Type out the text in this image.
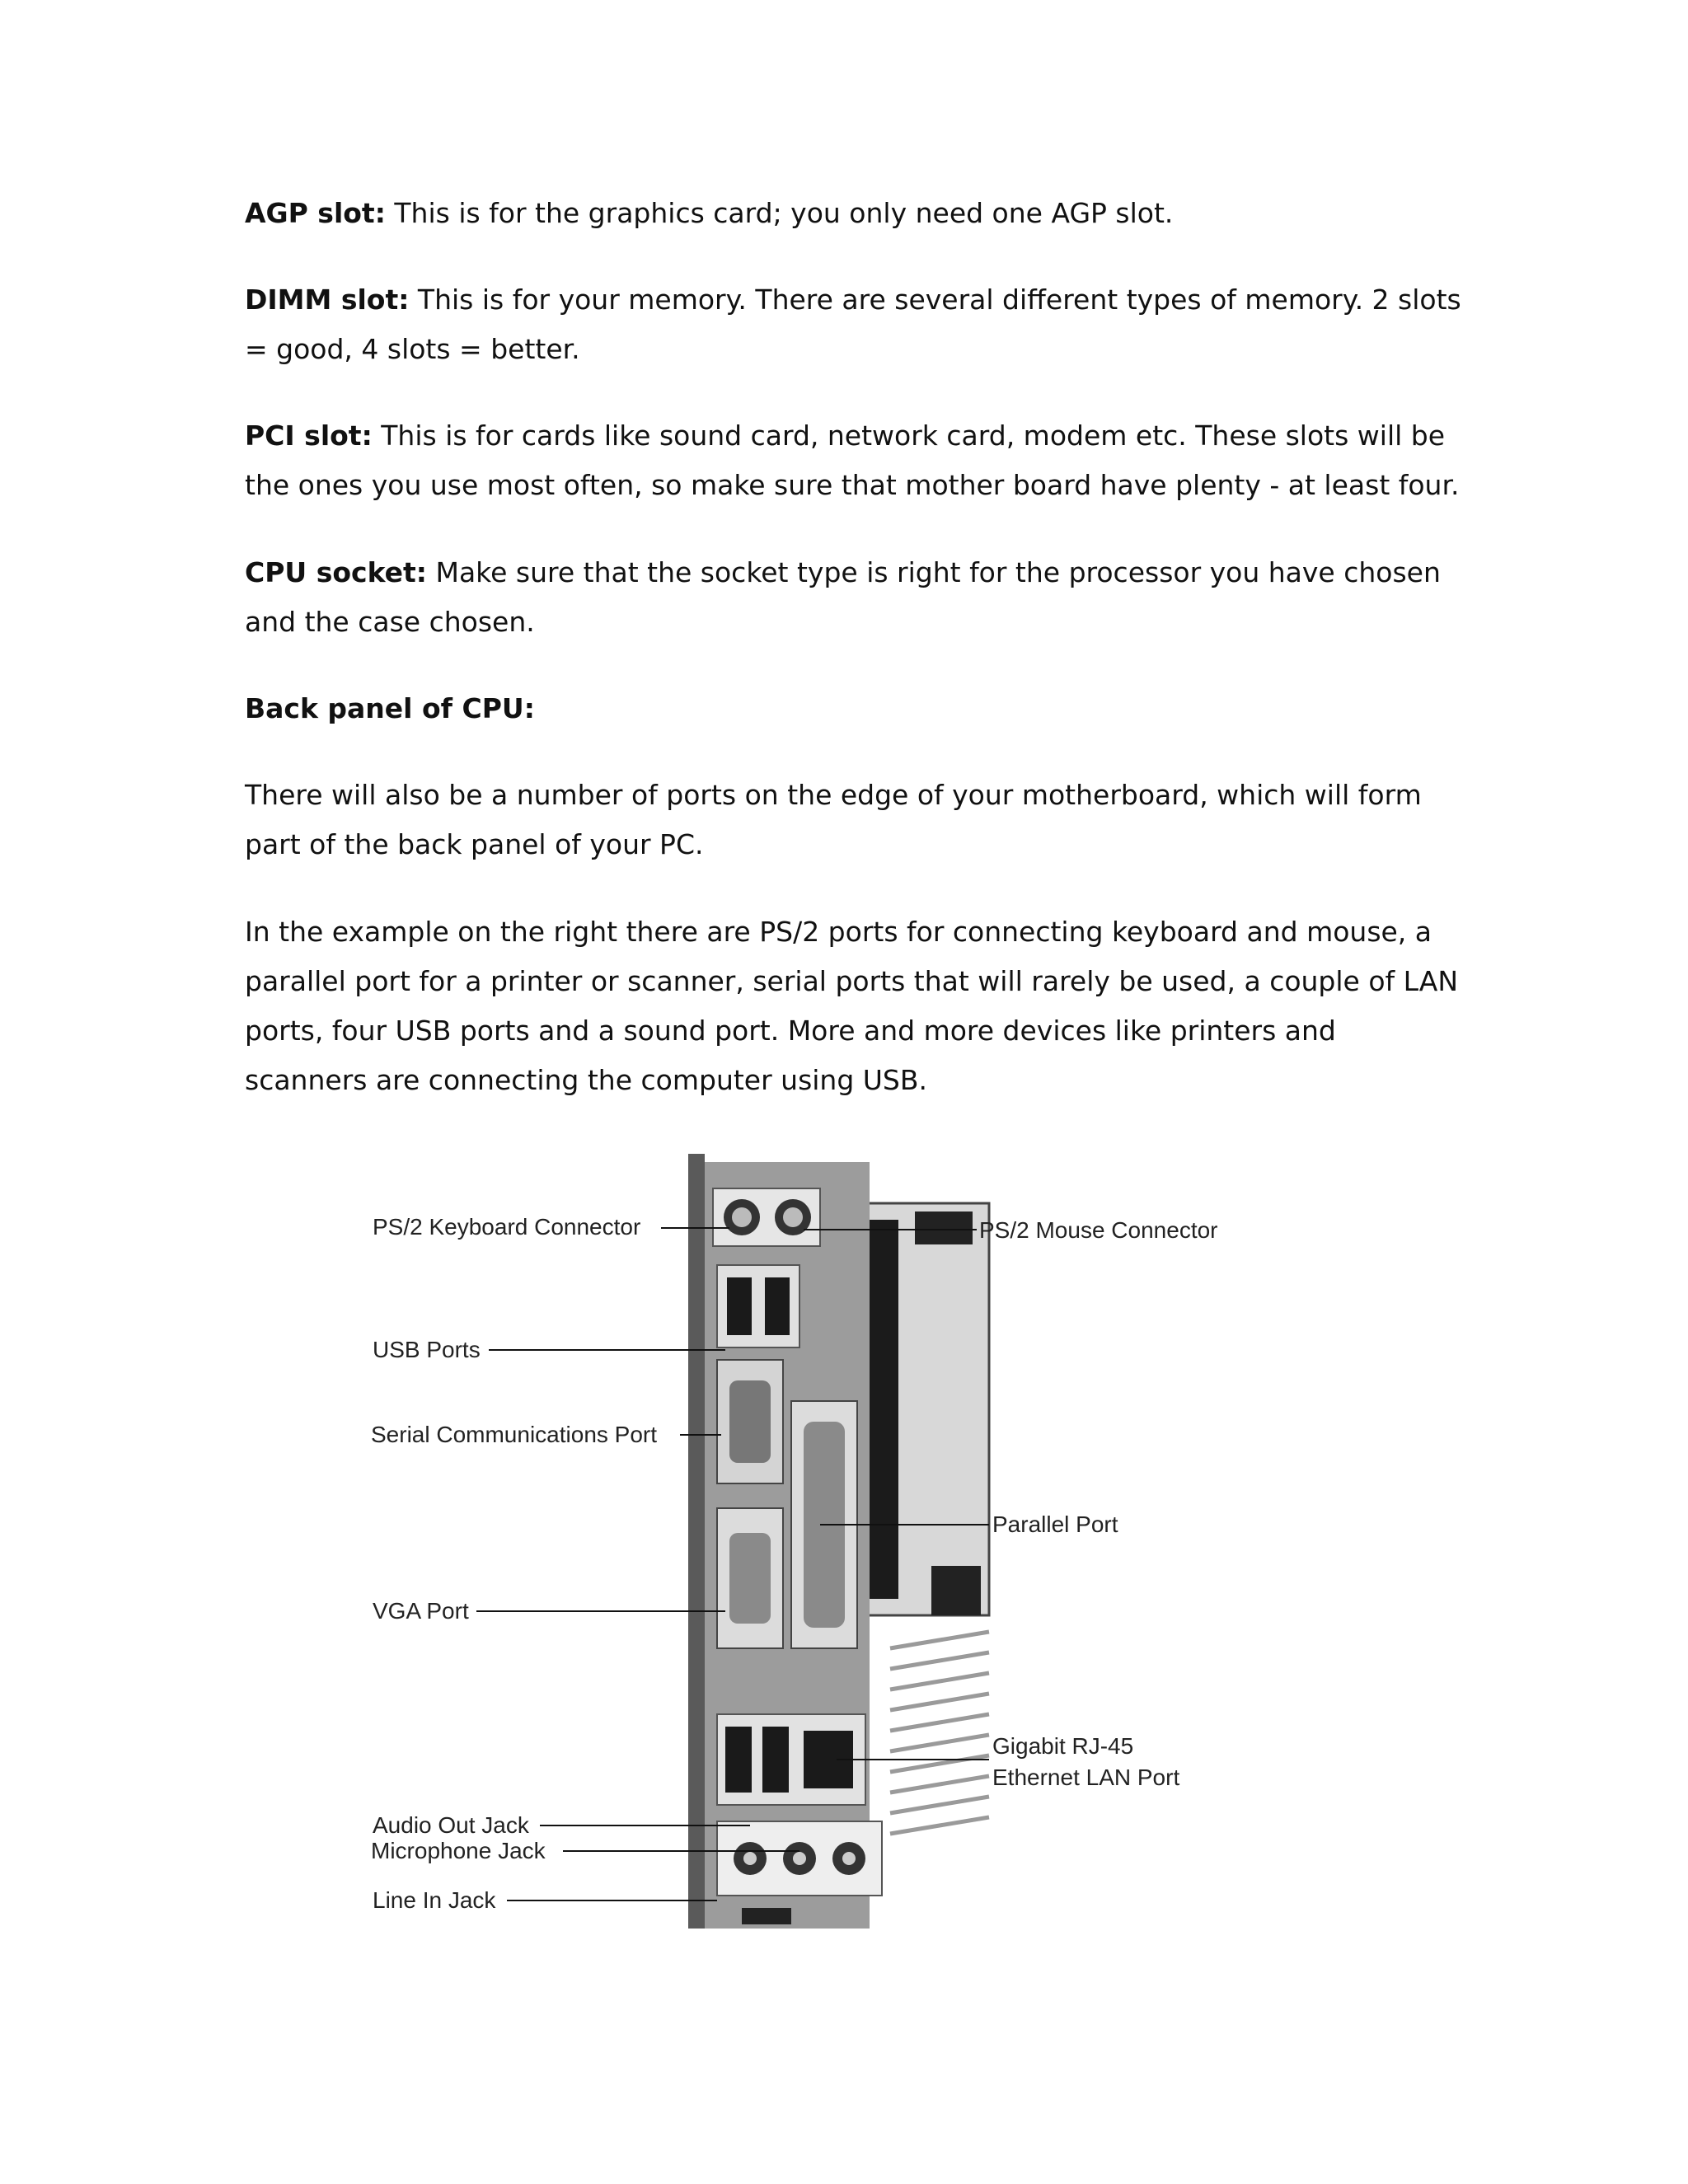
AGP slot: This is for the graphics card; you only need one AGP slot.
DIMM slot: This is for your memory. There are several different types of memory. 2 slots = good, 4 slots = better.
PCI slot: This is for cards like sound card, network card, modem etc. These slots will be the ones you use most often, so make sure that mother board have plenty - at least four.
CPU socket: Make sure that the socket type is right for the processor you have chosen and the case chosen.
Back panel of CPU:
There will also be a number of ports on the edge of your motherboard, which will form part of the back panel of your PC.
In the example on the right there are PS/2 ports for connecting keyboard and mouse, a parallel port for a printer or scanner, serial ports that will rarely be used, a couple of LAN ports, four USB ports and a sound port. More and more devices like printers and scanners are connecting the computer using USB.
PS/2 Keyboard Connector	PS/2 Mouse Connector
USB Ports
Serial Communications Port
Parallel Port
VGA Port
Gigabit RJ-45
Ethernet LAN Port
Audio Out Jack
Microphone Jack
Line In Jack
